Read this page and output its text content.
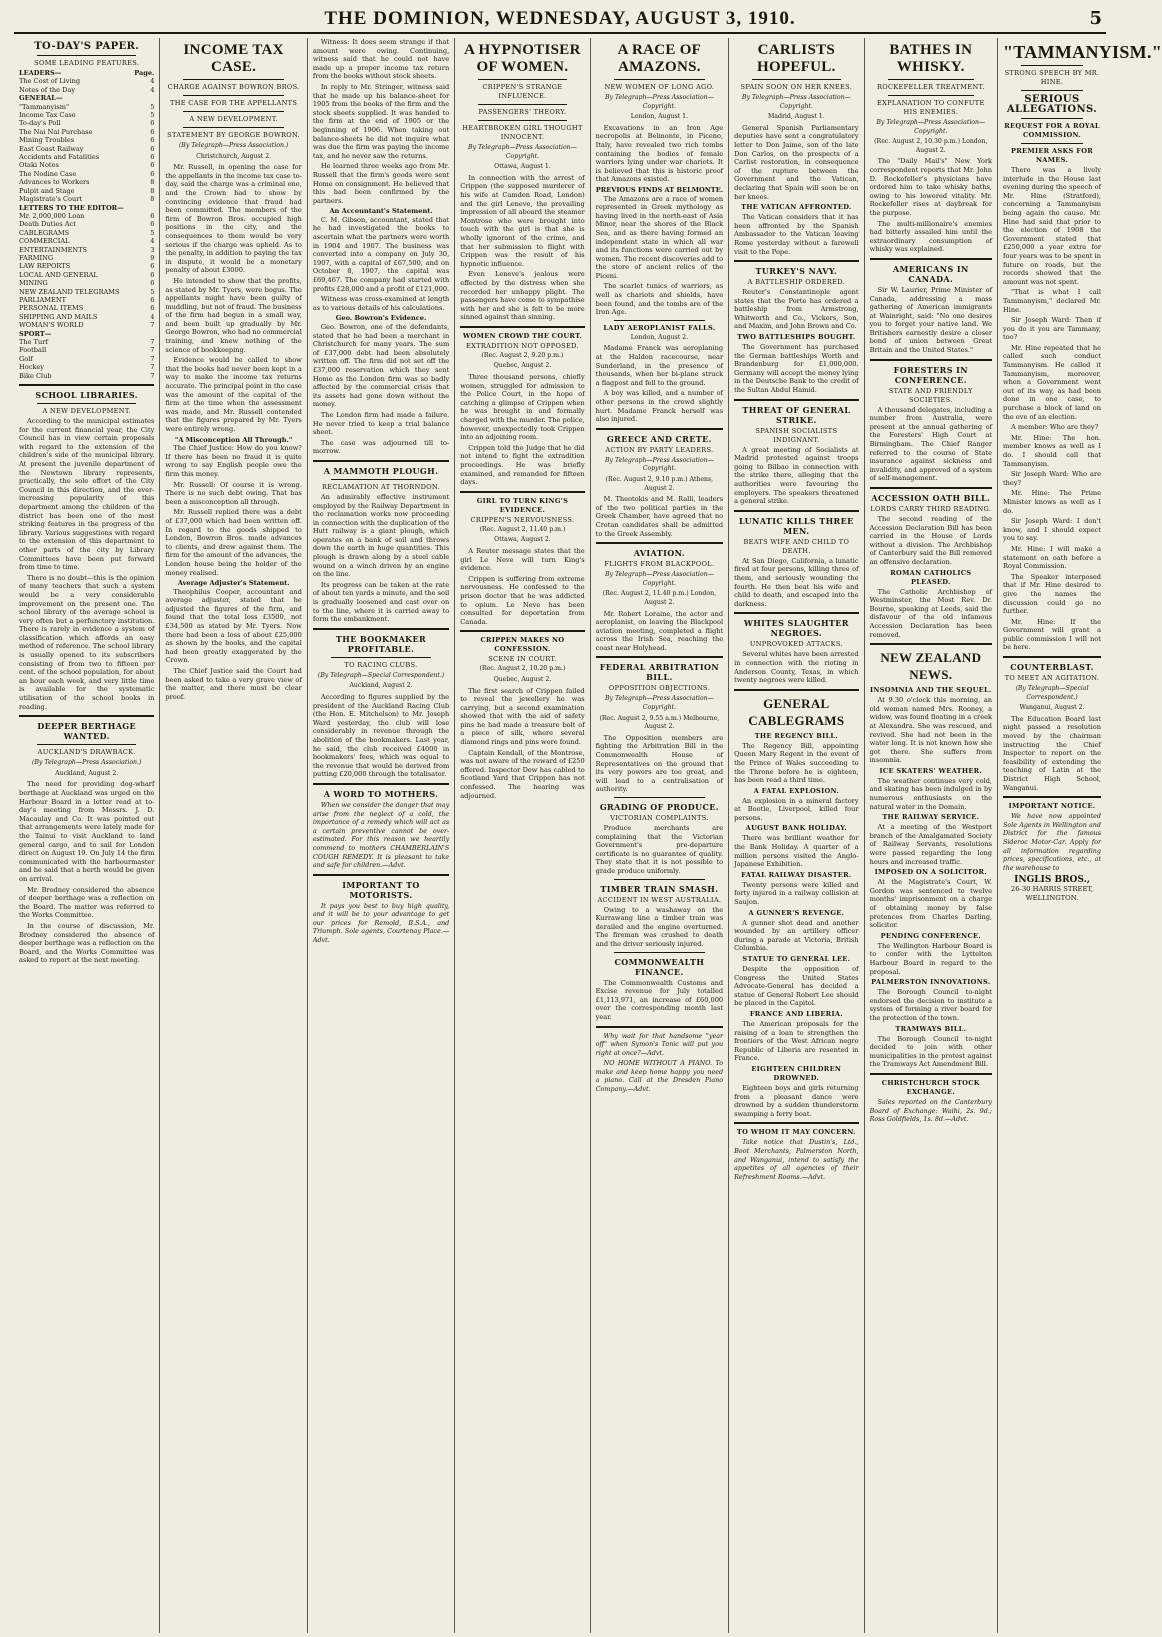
THE DOMINION, WEDNESDAY, AUGUST 3, 1910.	5
TO-DAY'S PAPER.
SOME LEADING FEATURES.
LEADERS—	Page.
The Cost of Living	4
Notes of the Day	4
GENERAL—
"Tammanyism"	5
Income Tax Case	5
To-day's Poll	6
The Nai Nai Purchase	6
Mining Troubles	6
East Coast Railway	6
Accidents and Fatalities	6
Otaki Notes	6
The Nodine Case	6
Advances to Workers	8
Pulpit and Stage	8
Magistrate's Court	8
LETTERS TO THE EDITOR—
Mr. 2,000,000 Loan	6
Death Duties Act	6
CABLEGRAMS	5
COMMERCIAL	4
ENTERTAINMENTS	3
FARMING	9
LAW REPORTS	6
LOCAL AND GENERAL	6
MINING	6
NEW ZEALAND TELEGRAMS	5
PARLIAMENT	6
PERSONAL ITEMS	6
SHIPPING AND MAILS	4
WOMAN'S WORLD	7
SPORT—
The Turf	7
Football	7
Golf	7
Hockey	7
Bike Club	7
SCHOOL LIBRARIES.
A NEW DEVELOPMENT.

According to the municipal estimates for the current financial year, the City Council has in view certain proposals with regard to the extension of the children's side of the municipal library. At present the juvenile department of the Newtown library represents, practically, the sole effort of the City Council in this direction, and the ever-increasing popularity of this department among the children of the district has been one of the most striking features in the progress of the library. Various suggestions with regard to the extension of this department to other parts of the city by Library Committees have been put forward from time to time.

There is no doubt—this is the opinion of many teachers that such a system would be a very considerable improvement on the present one. The school library of the average school is very often but a perfunctory institution. There is rarely in evidence a system of classification which affords an easy method of reference. The school library is usually opened to its subscribers consisting of from two to fifteen per cent. of the school population, for about an hour each week, and very little time is available for the systematic utilisation of the school books in reading.

DEEPER BERTHAGE WANTED.
AUCKLAND'S DRAWBACK.
(By Telegraph—Press Association.)
Auckland, August 2.

The need for providing dog-wharf berthage at Auckland was urged on the Harbour Board in a letter read at to-day's meeting from Messrs. J. D. Macaulay and Co. It was pointed out that arrangements were lately made for the Tainui to visit Auckland to land general cargo, and to sail for London direct on August 19. On July 14 the firm communicated with the harbourmaster and he said that a berth would be given on arrival.

Mr. Brodney considered the absence of deeper berthage was a reflection on the Board. The matter was referred to the Works Committee.

In the course of discussion, Mr. Brodney considered the absence of deeper berthage was a reflection on the Board, and the Works Committee was asked to report at the next meeting.

INCOME TAX CASE.
CHARGE AGAINST BOWRON BROS.
THE CASE FOR THE APPELLANTS
A NEW DEVELOPMENT.
STATEMENT BY GEORGE BOWRON.
(By Telegraph—Press Association.)
Christchurch, August 2.

Mr. Russell, in opening the case for the appellants in the income tax case to-day, said the charge was a criminal one, and the Crown had to show by convincing evidence that fraud had been committed. The members of the firm of Bowron Bros. occupied high positions in the city, and the consequences to them would be very serious if the charge was upheld. As to the penalty, in addition to paying the tax in dispute, it would be a monetary penalty of about £3000.

He intended to show that the profits, as stated by Mr. Tyers, were bogus. The appellants might have been guilty of muddling, but not of fraud. The business of the firm had begun in a small way, and been built up gradually by Mr. George Bowron, who had no commercial training, and knew nothing of the science of bookkeeping.

Evidence would be called to show that the books had never been kept in a way to make the income tax returns accurate. The principal point in the case was the amount of the capital of the firm at the time when the assessment was made, and Mr. Russell contended that the figures prepared by Mr. Tyers were entirely wrong.

"A Misconception All Through."

The Chief Justice: How do you know? If there has been no fraud it is quite wrong to say English people owe the firm this money.

Mr. Russell: Of course it is wrong. There is no such debt owing. That has been a misconception all through.

Mr. Russell replied there was a debt of £37,000 which had been written off. In regard to the goods shipped to London, Bowron Bros. made advances to clients, and drew against them. The firm for the amount of the advances, the London house being the holder of the money realised.

Average Adjuster's Statement.

Theophilus Cooper, accountant and average adjuster, stated that he adjusted the figures of the firm, and found that the total loss £3500, not £34,500 as stated by Mr. Tyers. Now there had been a loss of about £25,000 as shown by the books, and the capital had been greatly exaggerated by the Crown.

The Chief Justice said the Court had been asked to take a very grave view of the matter, and there must be clear proof.

Witness: It does seem strange if that amount were owing. Continuing, witness said that he could not have made up a proper income tax return from the books without stock sheets.

In reply to Mr. Stringer, witness said that he made up his balance-sheet for 1905 from the books of the firm and the stock sheets supplied. It was handed to the firm at the end of 1905 or the beginning of 1906. When taking out balance-sheets he did not inquire what was due the firm was paying the income tax, and he never saw the returns.

He learned three weeks ago from Mr. Russell that the firm's goods were sent Home on consignment. He believed that this had been confirmed by the partners.

An Accountant's Statement.

C. M. Gibson, accountant, stated that he had investigated the books to ascertain what the partners were worth in 1904 and 1907. The business was converted into a company on July 30, 1907, with a capital of £67,500, and on October 8, 1907, the capital was £69,467. The company had started with profits £28,000 and a profit of £121,000.

Witness was cross-examined at length as to various details of his calculations.

Geo. Bowron's Evidence.

Geo. Bowron, one of the defendants, stated that he had been a merchant in Christchurch for many years. The sum of £37,000 debt had been absolutely written off. The firm did not set off the £37,000 reservation which they sent Home as the London firm was so badly affected by the commercial crisis that its assets had gone down without the money.

The London firm had made a failure. He never tried to keep a trial balance sheet.

The case was adjourned till to-morrow.

A MAMMOTH PLOUGH.
RECLAMATION AT THORNDON.

An admirably effective instrument employed by the Railway Department in the reclamation works now proceeding in connection with the duplication of the Hutt railway is a giant plough, which operates on a bank of soil and throws down the earth in huge quantities. This plough is drawn along by a steel cable wound on a winch driven by an engine on the line.

Its progress can be taken at the rate of about ten yards a minute, and the soil is gradually loosened and cast over on to the line, where it is carried away to form the embankment.

THE BOOKMAKER PROFITABLE.
TO RACING CLUBS.
(By Telegraph—Special Correspondent.)
Auckland, August 2.

According to figures supplied by the president of the Auckland Racing Club (the Hon. E. Mitchelson) to Mr. Joseph Ward yesterday, the club will lose considerably in revenue through the abolition of the bookmakers. Last year, he said, the club received £4000 in bookmakers' fees, which was equal to the revenue that would be derived from putting £20,000 through the totalisator.

A WORD TO MOTHERS.

When we consider the danger that may arise from the neglect of a cold, the importance of a remedy which will act as a certain preventive cannot be over-estimated. For this reason we heartily commend to mothers CHAMBERLAIN'S COUGH REMEDY. It is pleasant to take and safe for children.—Advt.

IMPORTANT TO MOTORISTS.

It pays you best to buy high quality, and it will be to your advantage to get our prices for Remold, B.S.A., and Triumph. Sole agents, Courtenay Place.—Advt.

A HYPNOTISER OF WOMEN.
CRIPPEN'S STRANGE INFLUENCE.
PASSENGERS' THEORY.
HEARTBROKEN GIRL THOUGHT INNOCENT.
By Telegraph—Press Association—Copyright.
Ottawa, August 1.

In connection with the arrest of Crippen (the supposed murderer of his wife at Camden Road, London) and the girl Leneve, the prevailing impression of all aboard the steamer Montrose who were brought into touch with the girl is that she is wholly ignorant of the crime, and that her submission to flight with Crippen was the result of his hypnotic influence.

Even Leneve's jealous were effected by the distress when she recorded her unhappy plight. The passengers have come to sympathise with her and she is felt to be more sinned against than sinning.

WOMEN CROWD THE COURT.
EXTRADITION NOT OPPOSED.
(Rec. August 2, 9.20 p.m.)
Quebec, August 2.

Three thousand persons, chiefly women, struggled for admission to the Police Court, in the hope of catching a glimpse of Crippen when he was brought in and formally charged with the murder. The police, however, unexpectedly took Crippen into an adjoining room.

Crippen told the Judge that he did not intend to fight the extradition proceedings. He was briefly examined, and remanded for fifteen days.

GIRL TO TURN KING'S EVIDENCE.
CRIPPEN'S NERVOUSNESS.
(Rec. August 2, 11.40 p.m.)
Ottawa, August 2.

A Reuter message states that the girl Le Neve will turn King's evidence.

Crippen is suffering from extreme nervousness. He confessed to the prison doctor that he was addicted to opium. Le Neve has been consulted for deportation from Canada.

CRIPPEN MAKES NO CONFESSION.
SCENE IN COURT.
(Rec. August 2, 10.20 p.m.)
Quebec, August 2.

The first search of Crippen failed to reveal the jewellery he was carrying, but a second examination showed that with the aid of safety pins he had made a treasure bolt of a piece of silk, where several diamond rings and pins were found.

Captain Kendall, of the Montrose, was not aware of the reward of £250 offered. Inspector Dew has cabled to Scotland Yard that Crippen has not confessed. The hearing was adjourned.

A RACE OF AMAZONS.
NEW WOMEN OF LONG AGO.
By Telegraph—Press Association—Copyright.
London, August 1.

Excavations in an Iron Age necropolis at Belmonte, in Piceno, Italy, have revealed two rich tombs containing the bodies of female warriors lying under war chariots. It is believed that this is historic proof that Amazons existed.

PREVIOUS FINDS AT BELMONTE.

The Amazons are a race of women represented in Greek mythology as having lived in the north-east of Asia Minor, near the shores of the Black Sea, and as there having formed an independent state in which all war and its functions were carried out by women. The recent discoveries add to the store of ancient relics of the Piceni.

The scarlet tunics of warriors, as well as chariots and shields, have been found, and the tombs are of the Iron Age.

LADY AEROPLANIST FALLS.
London, August 2.

Madame Franck was aeroplaning at the Haldon racecourse, near Sunderland, in the presence of thousands, when her bi-plane struck a flagpost and fell to the ground.

A boy was killed, and a number of other persons in the crowd slightly hurt. Madame Franck herself was also injured.

GREECE AND CRETE.
ACTION BY PARTY LEADERS.
By Telegraph—Press Association—Copyright.
(Rec. August 2, 9.10 p.m.) Athens, August 2.

M. Theotokis and M. Ralli, leaders of the two political parties in the Greek Chamber, have agreed that no Cretan candidates shall be admitted to the Greek Assembly.

AVIATION.
FLIGHTS FROM BLACKPOOL.
By Telegraph—Press Association—Copyright.
(Rec. August 2, 11.40 p.m.) London, August 2.

Mr. Robert Loraine, the actor and aeroplanist, on leaving the Blackpool aviation meeting, completed a flight across the Irish Sea, reaching the coast near Holyhead.

FEDERAL ARBITRATION BILL.
OPPOSITION OBJECTIONS.
By Telegraph—Press Association—Copyright.
(Rec. August 2, 9.55 a.m.) Melbourne, August 2.

The Opposition members are fighting the Arbitration Bill in the Commonwealth House of Representatives on the ground that its very powers are too great, and will lead to a centralisation of authority.

GRADING OF PRODUCE.
VICTORIAN COMPLAINTS.

Produce merchants are complaining that the Victorian Government's pre-departure certificate is no guarantee of quality. They state that it is not possible to grade produce uniformly.

TIMBER TRAIN SMASH.
ACCIDENT IN WEST AUSTRALIA.

Owing to a washaway on the Kurrawang line a timber train was derailed and the engine overturned. The fireman was crushed to death and the driver seriously injured.

COMMONWEALTH FINANCE.

The Commonwealth Customs and Excise revenue for July totalled £1,113,971, an increase of £60,000 over the corresponding month last year.

Why wait for that handsome "year off" when Symon's Tonic will put you right at once?—Advt.

NO HOME WITHOUT A PIANO. To make and keep home happy you need a piano. Call at the Dresden Piano Company.—Advt.

CARLISTS HOPEFUL.
SPAIN SOON ON HER KNEES.
By Telegraph—Press Association—Copyright.
Madrid, August 1.

General Spanish Parliamentary deputies have sent a congratulatory letter to Don Jaime, son of the late Don Carlos, on the prospects of a Carlist restoration, in consequence of the rupture between the Government and the Vatican, declaring that Spain will soon be on her knees.

THE VATICAN AFFRONTED.

The Vatican considers that it has been affronted by the Spanish Ambassador to the Vatican leaving Rome yesterday without a farewell visit to the Pope.

TURKEY'S NAVY.
A BATTLESHIP ORDERED.

Reuter's Constantinople agent states that the Porte has ordered a battleship from Armstrong, Whitworth and Co., Vickers, Son, and Maxim, and John Brown and Co.

TWO BATTLESHIPS BOUGHT.

The Government has purchased the German battleships Worth and Brandenburg for £1,000,000. Germany will accept the money lying in the Deutsche Bank to the credit of the Sultan Abdul Hamid.

THREAT OF GENERAL STRIKE.
SPANISH SOCIALISTS INDIGNANT.

A great meeting of Socialists at Madrid protested against troops going to Bilbao in connection with the strike there, alleging that the authorities were favouring the employers. The speakers threatened a general strike.

LUNATIC KILLS THREE MEN.
BEATS WIFE AND CHILD TO DEATH.

At San Diego, California, a lunatic fired at four persons, killing three of them, and seriously wounding the fourth. He then beat his wife and child to death, and escaped into the darkness.

WHITES SLAUGHTER NEGROES.
UNPROVOKED ATTACKS.

Several whites have been arrested in connection with the rioting in Anderson County, Texas, in which twenty negroes were killed.

GENERAL CABLEGRAMS
THE REGENCY BILL.

The Regency Bill, appointing Queen Mary Regent in the event of the Prince of Wales succeeding to the Throne before he is eighteen, has been read a third time.

A FATAL EXPLOSION.

An explosion in a mineral factory at Bootle, Liverpool, killed four persons.

AUGUST BANK HOLIDAY.

There was brilliant weather for the Bank Holiday. A quarter of a million persons visited the Anglo-Japanese Exhibition.

FATAL RAILWAY DISASTER.

Twenty persons were killed and forty injured in a railway collision at Saujon.

A GUNNER'S REVENGE.

A gunner shot dead and another wounded by an artillery officer during a parade at Victoria, British Columbia.

STATUE TO GENERAL LEE.

Despite the opposition of Congress the United States Advocate-General has decided a statue of General Robert Lee should be placed in the Capitol.

FRANCE AND LIBERIA.

The American proposals for the raising of a loan to strengthen the frontiers of the West African negro Republic of Liberia are resented in France.

EIGHTEEN CHILDREN DROWNED.

Eighteen boys and girls returning from a pleasant dance were drowned by a sudden thunderstorm swamping a ferry boat.

TO WHOM IT MAY CONCERN.

Take notice that Dustin's, Ltd., Boot Merchants, Palmerston North, and Wanganui, intend to satisfy the appetites of all agencies of their Refreshment Rooms.—Advt.

BATHES IN WHISKY.
ROCKEFELLER TREATMENT.
EXPLANATION TO CONFUTE HIS ENEMIES.
By Telegraph—Press Association—Copyright.
(Rec. August 2, 10.30 p.m.) London, August 2.

The "Daily Mail's" New York correspondent reports that Mr. John D. Rockefeller's physicians have ordered him to take whisky baths, owing to his lowered vitality. Mr. Rockefeller rises at daybreak for the purpose.

The multi-millionaire's enemies had bitterly assailed him until the extraordinary consumption of whisky was explained.

AMERICANS IN CANADA.

Sir W. Laurier, Prime Minister of Canada, addressing a mass gathering of American immigrants at Wainright, said: "No one desires you to forget your native land. We Britishers earnestly desire a closer bond of union between Great Britain and the United States."

FORESTERS IN CONFERENCE.
STATE AND FRIENDLY SOCIETIES.

A thousand delegates, including a number from Australia, were present at the annual gathering of the Foresters' High Court at Birmingham. The Chief Ranger referred to the course of State insurance against sickness and invalidity, and approved of a system of self-management.

ACCESSION OATH BILL.
LORDS CARRY THIRD READING.

The second reading of the Accession Declaration Bill has been carried in the House of Lords without a division. The Archbishop of Canterbury said the Bill removed an offensive declaration.

ROMAN CATHOLICS PLEASED.

The Catholic Archbishop of Westminster, the Most Rev. Dr. Bourne, speaking at Leeds, said the disfavour of the old infamous Accession Declaration has been removed.

NEW ZEALAND NEWS.
INSOMNIA AND THE SEQUEL.

At 9.30 o'clock this morning, an old woman named Mrs. Rooney, a widow, was found floating in a creek at Alexandra. She was rescued, and revived. She had not been in the water long. It is not known how she got there. She suffers from insomnia.

ICE SKATERS' WEATHER.

The weather continues very cold, and skating has been indulged in by numerous enthusiasts on the natural water in the Domain.

THE RAILWAY SERVICE.

At a meeting of the Westport branch of the Amalgamated Society of Railway Servants, resolutions were passed regarding the long hours and increased traffic.

IMPOSED ON A SOLICITOR.

At the Magistrate's Court, W. Gordon was sentenced to twelve months' imprisonment on a charge of obtaining money by false pretences from Charles Darling, solicitor.

PENDING CONFERENCE.

The Wellington Harbour Board is to confer with the Lyttelton Harbour Board in regard to the proposal.

PALMERSTON INNOVATIONS.

The Borough Council to-night endorsed the decision to institute a system of forming a river board for the protection of the town.

TRAMWAYS BILL.

The Borough Council to-night decided to join with other municipalities in the protest against the Tramways Act Amendment Bill.

CHRISTCHURCH STOCK EXCHANGE.

Sales reported on the Canterbury Board of Exchange: Waihi, 2s. 9d.; Ross Goldfields, 1s. 8d.—Advt.

"TAMMANYISM."
STRONG SPEECH BY MR. HINE.
SERIOUS ALLEGATIONS.
REQUEST FOR A ROYAL COMMISSION.
PREMIER ASKS FOR NAMES.

There was a lively interlude in the House last evening during the speech of Mr. Hine (Stratford), concerning a Tammanyism being again the cause. Mr. Hine had said that prior to the election of 1908 the Government stated that £250,000 a year extra for four years was to be spent in future on roads, but the records showed that the amount was not spent.

"That is what I call Tammanyism," declared Mr. Hine.

Sir Joseph Ward: Then if you do it you are Tammany, too?

Mr. Hine repeated that he called such conduct Tammanyism. He called it Tammanyism, moreover, when a Government went out of its way, as had been done in one case, to purchase a block of land on the eve of an election.

A member: Who are they?

Mr. Hine: The hon. member knows as well as I do. I should call that Tammanyism.

Sir Joseph Ward: Who are they?

Mr. Hine: The Prime Minister knows as well as I do.

Sir Joseph Ward: I don't know, and I should expect you to say.

Mr. Hine: I will make a statement on oath before a Royal Commission.

The Speaker interposed that if Mr. Hine desired to give the names the discussion could go no further.

Mr. Hine: If the Government will grant a public commission I will not be here.

COUNTERBLAST.
TO MEET AN AGITATION.
(By Telegraph—Special Correspondent.)
Wanganui, August 2.

The Education Board last night passed a resolution moved by the chairman instructing the Chief Inspector to report on the feasibility of extending the teaching of Latin at the District High School, Wanganui.

IMPORTANT NOTICE.

We have now appointed Sole Agents in Wellington and District for the famous Sideroc Motor-Car. Apply for all information regarding prices, specifications, etc., at the warehouse to

INGLIS BROS.,
26-30 HARRIS STREET, WELLINGTON.
